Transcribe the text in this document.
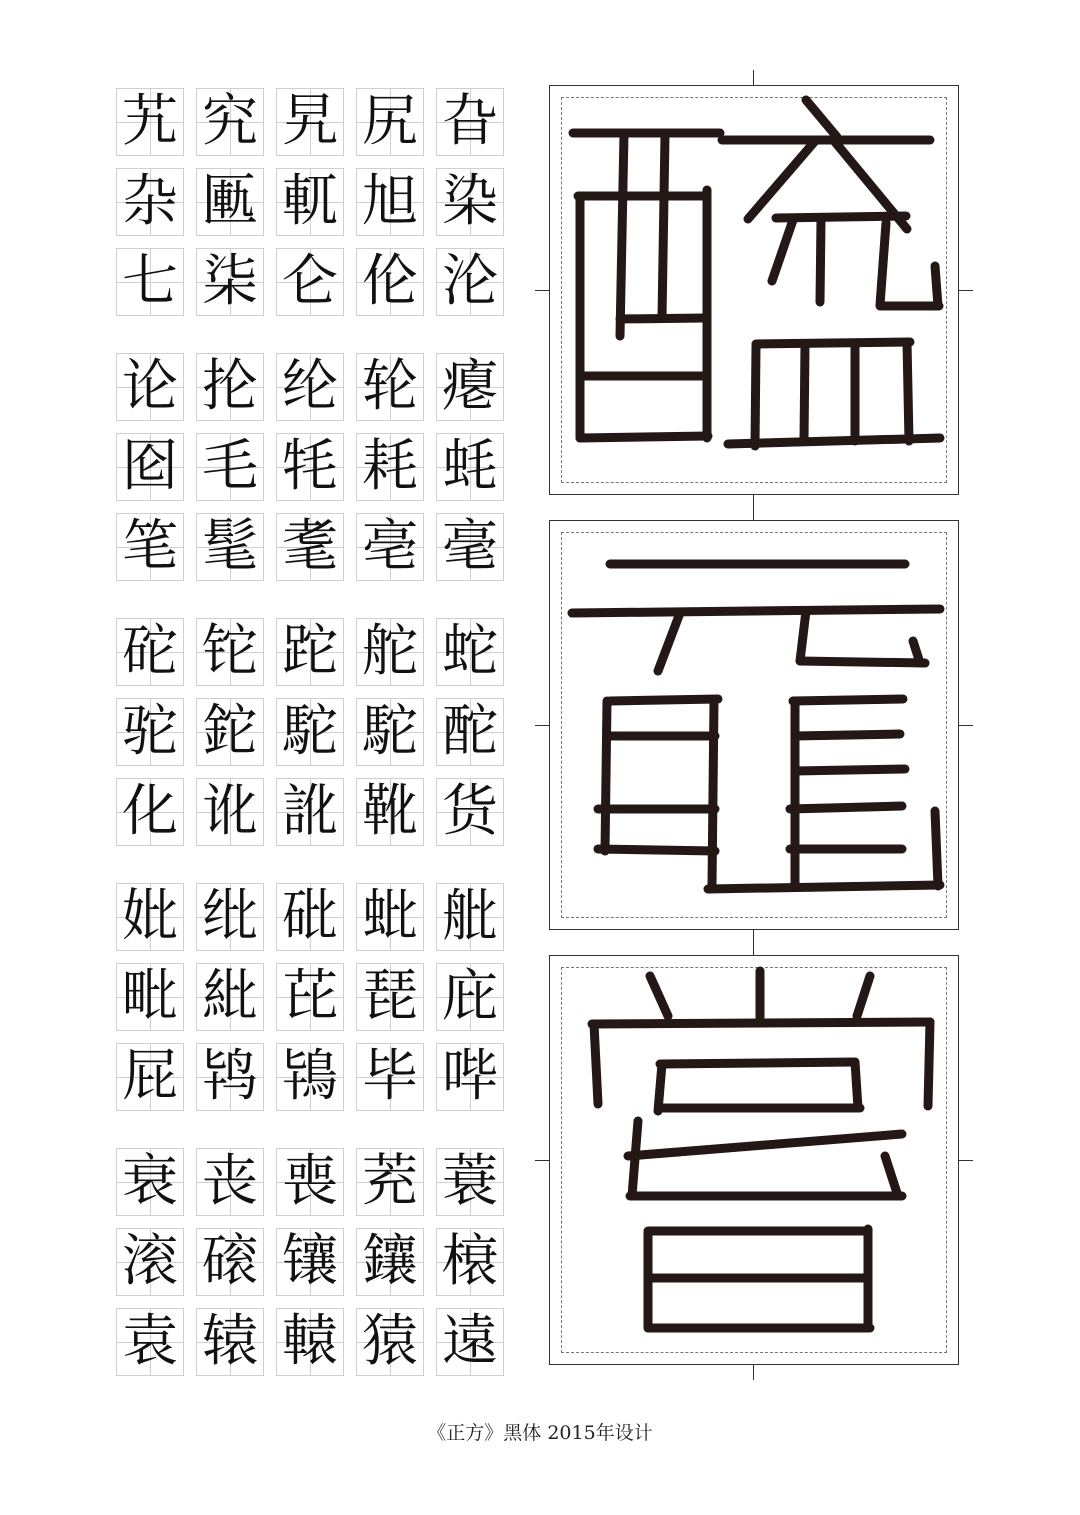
艽 究 旯 尻 旮
杂 匭 軏 旭 染
七 柒 仑 伦 沦
论 抡 纶 轮 瘪
囵 毛 牦 耗 蚝
笔 髦 耄 亳 毫
砣 铊 跎 舵 蛇
驼 鉈 駝 駝 酡
化 讹 訛 靴 货
妣 纰 砒 蚍 舭
毗 紕 芘 琵 庇
屁 鸨 鴇 毕 哔
衰 丧 喪 茺 蓑
滚 磙 镶 鑲 榱
袁 辕 轅 猿 遠
《正方》黑体 2015年设计
